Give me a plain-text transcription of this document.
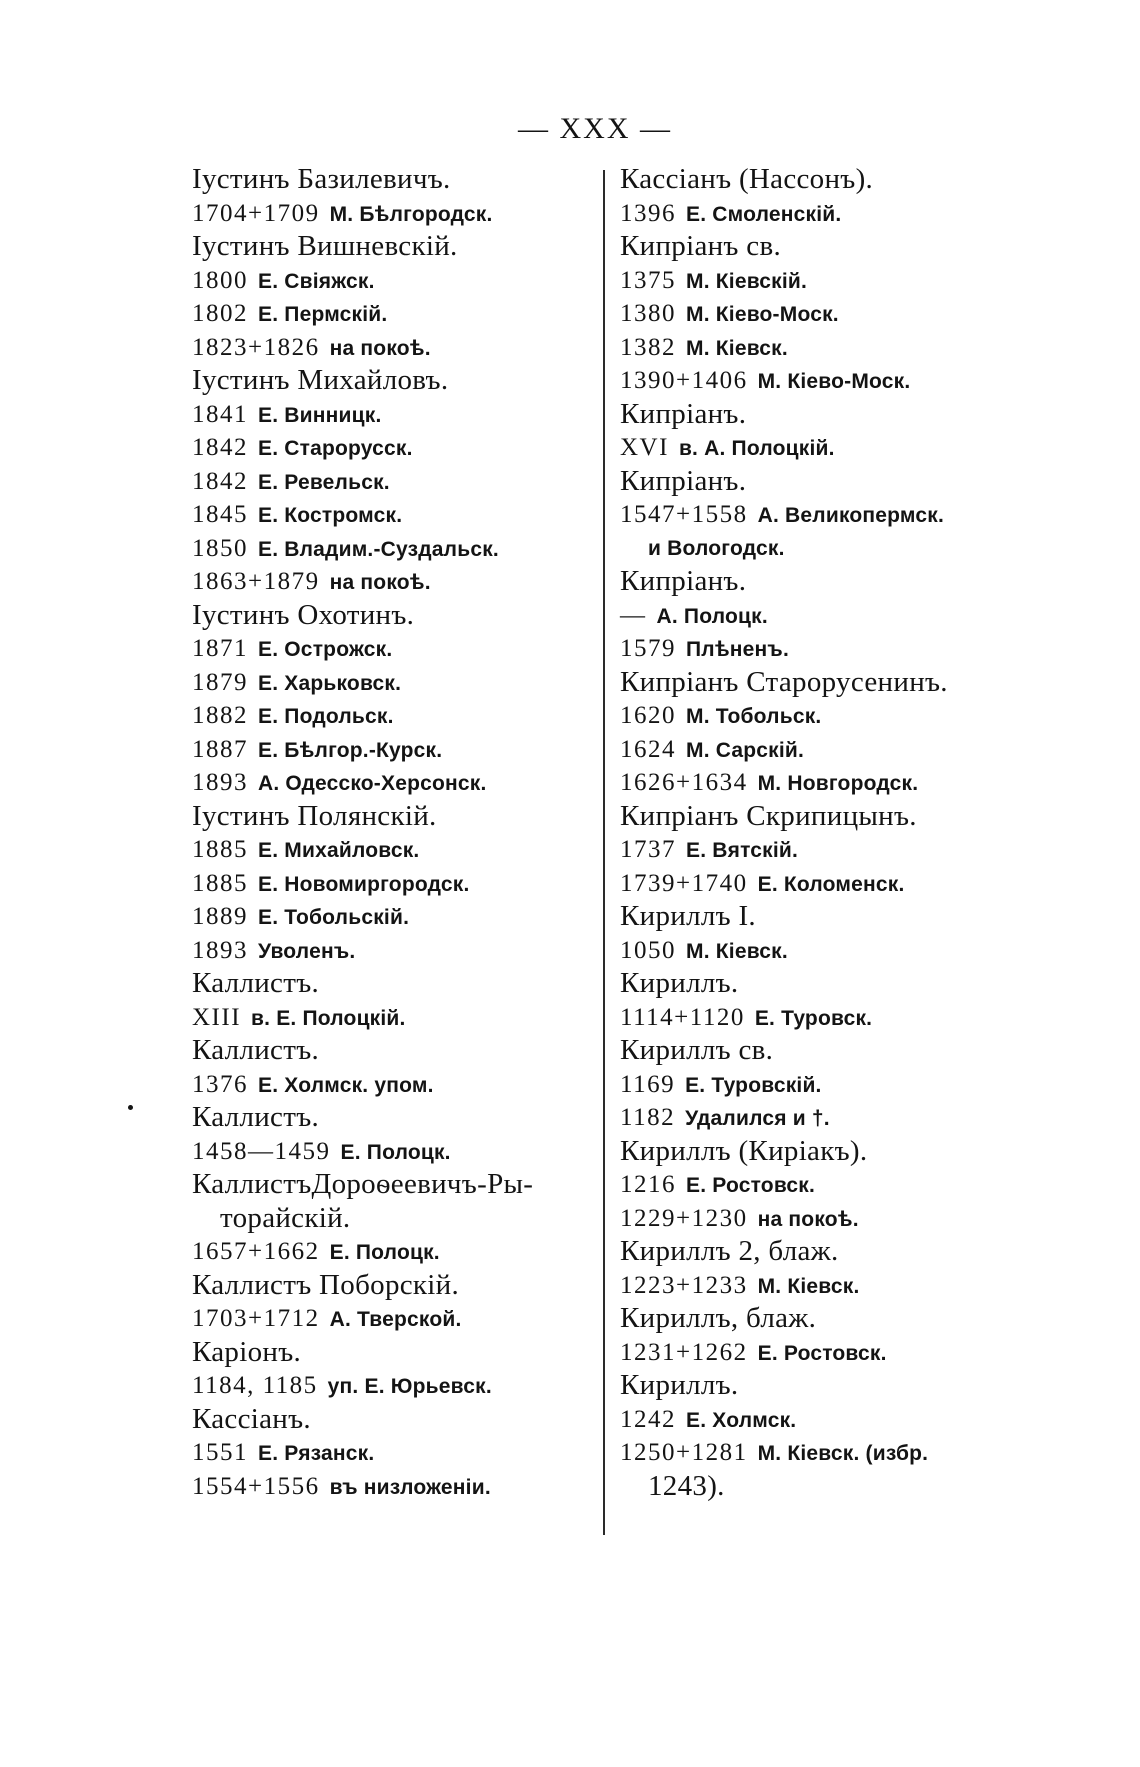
— XXX —
Іустинъ Базилевичъ.
1704+1709 М. Бѣлгородск.
Іустинъ Вишневскій.
1800 Е. Свіяжск.
1802 Е. Пермскій.
1823+1826 на покоѣ.
Іустинъ Михайловъ.
1841 Е. Винницк.
1842 Е. Старорусск.
1842 Е. Ревельск.
1845 Е. Костромск.
1850 Е. Владим.-Суздальск.
1863+1879 на покоѣ.
Іустинъ Охотинъ.
1871 Е. Острожск.
1879 Е. Харьковск.
1882 Е. Подольск.
1887 Е. Бѣлгор.-Курск.
1893 А. Одесско-Херсонск.
Іустинъ Полянскій.
1885 Е. Михайловск.
1885 Е. Новомиргородск.
1889 Е. Тобольскій.
1893 Уволенъ.
Каллистъ.
XIII в. Е. Полоцкій.
Каллистъ.
1376 Е. Холмск. упом.
Каллистъ.
1458—1459 Е. Полоцк.
КаллистъДороѳеевичъ-Ры-
торайскій.
1657+1662 Е. Полоцк.
Каллистъ Поборскій.
1703+1712 А. Тверской.
Каріонъ.
1184, 1185 уп. Е. Юрьевск.
Кассіанъ.
1551 Е. Рязанск.
1554+1556 въ низложеніи.
Кассіанъ (Нассонъ).
1396 Е. Смоленскій.
Кипріанъ св.
1375 М. Кіевскій.
1380 М. Кіево-Моск.
1382 М. Кіевск.
1390+1406 М. Кіево-Моск.
Кипріанъ.
XVI в. А. Полоцкій.
Кипріанъ.
1547+1558 А. Великопермск.
и Вологодск.
Кипріанъ.
— А. Полоцк.
1579 Плѣненъ.
Кипріанъ Старорусенинъ.
1620 М. Тобольск.
1624 М. Сарскій.
1626+1634 М. Новгородск.
Кипріанъ Скрипицынъ.
1737 Е. Вятскій.
1739+1740 Е. Коломенск.
Кириллъ I.
1050 М. Кіевск.
Кириллъ.
1114+1120 Е. Туровск.
Кириллъ св.
1169 Е. Туровскій.
1182 Удалился и †.
Кириллъ (Киріакъ).
1216 Е. Ростовск.
1229+1230 на покоѣ.
Кириллъ 2, блаж.
1223+1233 М. Кіевск.
Кириллъ, блаж.
1231+1262 Е. Ростовск.
Кириллъ.
1242 Е. Холмск.
1250+1281 М. Кіевск. (избр.
1243).
